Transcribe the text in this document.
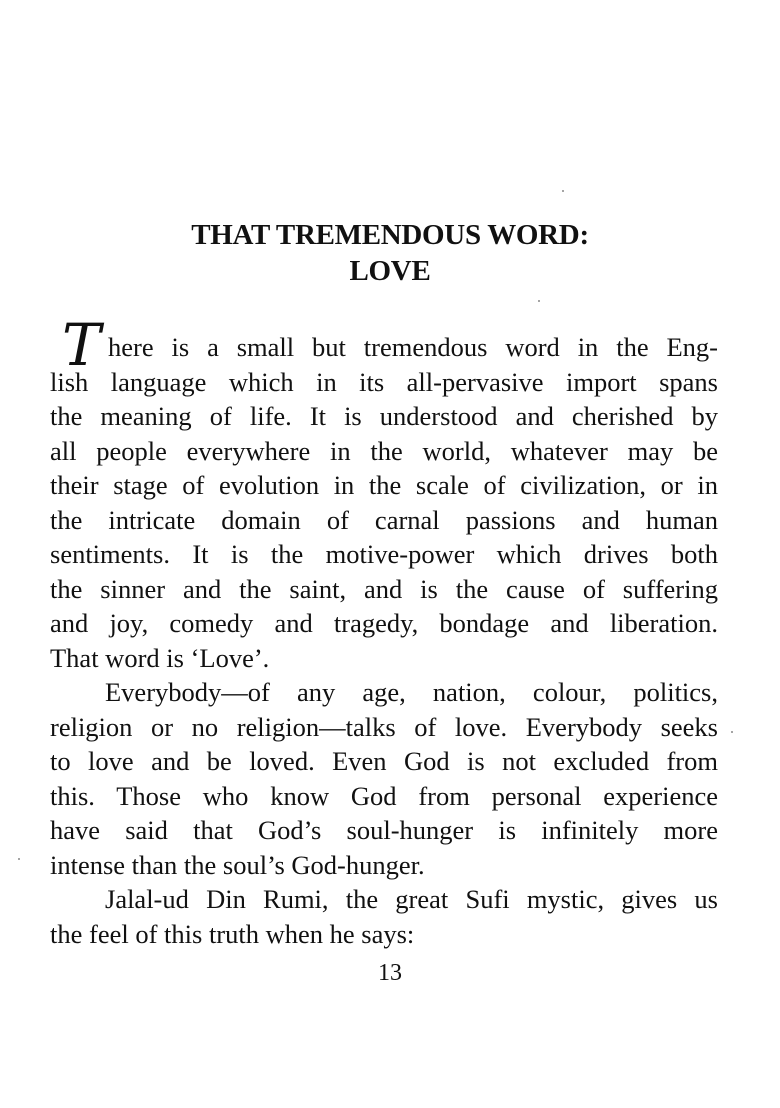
THAT TREMENDOUS WORD:
LOVE
T here is a small but tremendous word in the Eng-
lish language which in its all-pervasive import spans
the meaning of life. It is understood and cherished by
all people everywhere in the world, whatever may be
their stage of evolution in the scale of civilization, or in
the intricate domain of carnal passions and human
sentiments. It is the motive-power which drives both
the sinner and the saint, and is the cause of suffering
and joy, comedy and tragedy, bondage and liberation.
That word is ‘Love’.
Everybody—of any age, nation, colour, politics,
religion or no religion—talks of love. Everybody seeks
to love and be loved. Even God is not excluded from
this. Those who know God from personal experience
have said that God’s soul-hunger is infinitely more
intense than the soul’s God-hunger.
Jalal-ud Din Rumi, the great Sufi mystic, gives us
the feel of this truth when he says:
13
